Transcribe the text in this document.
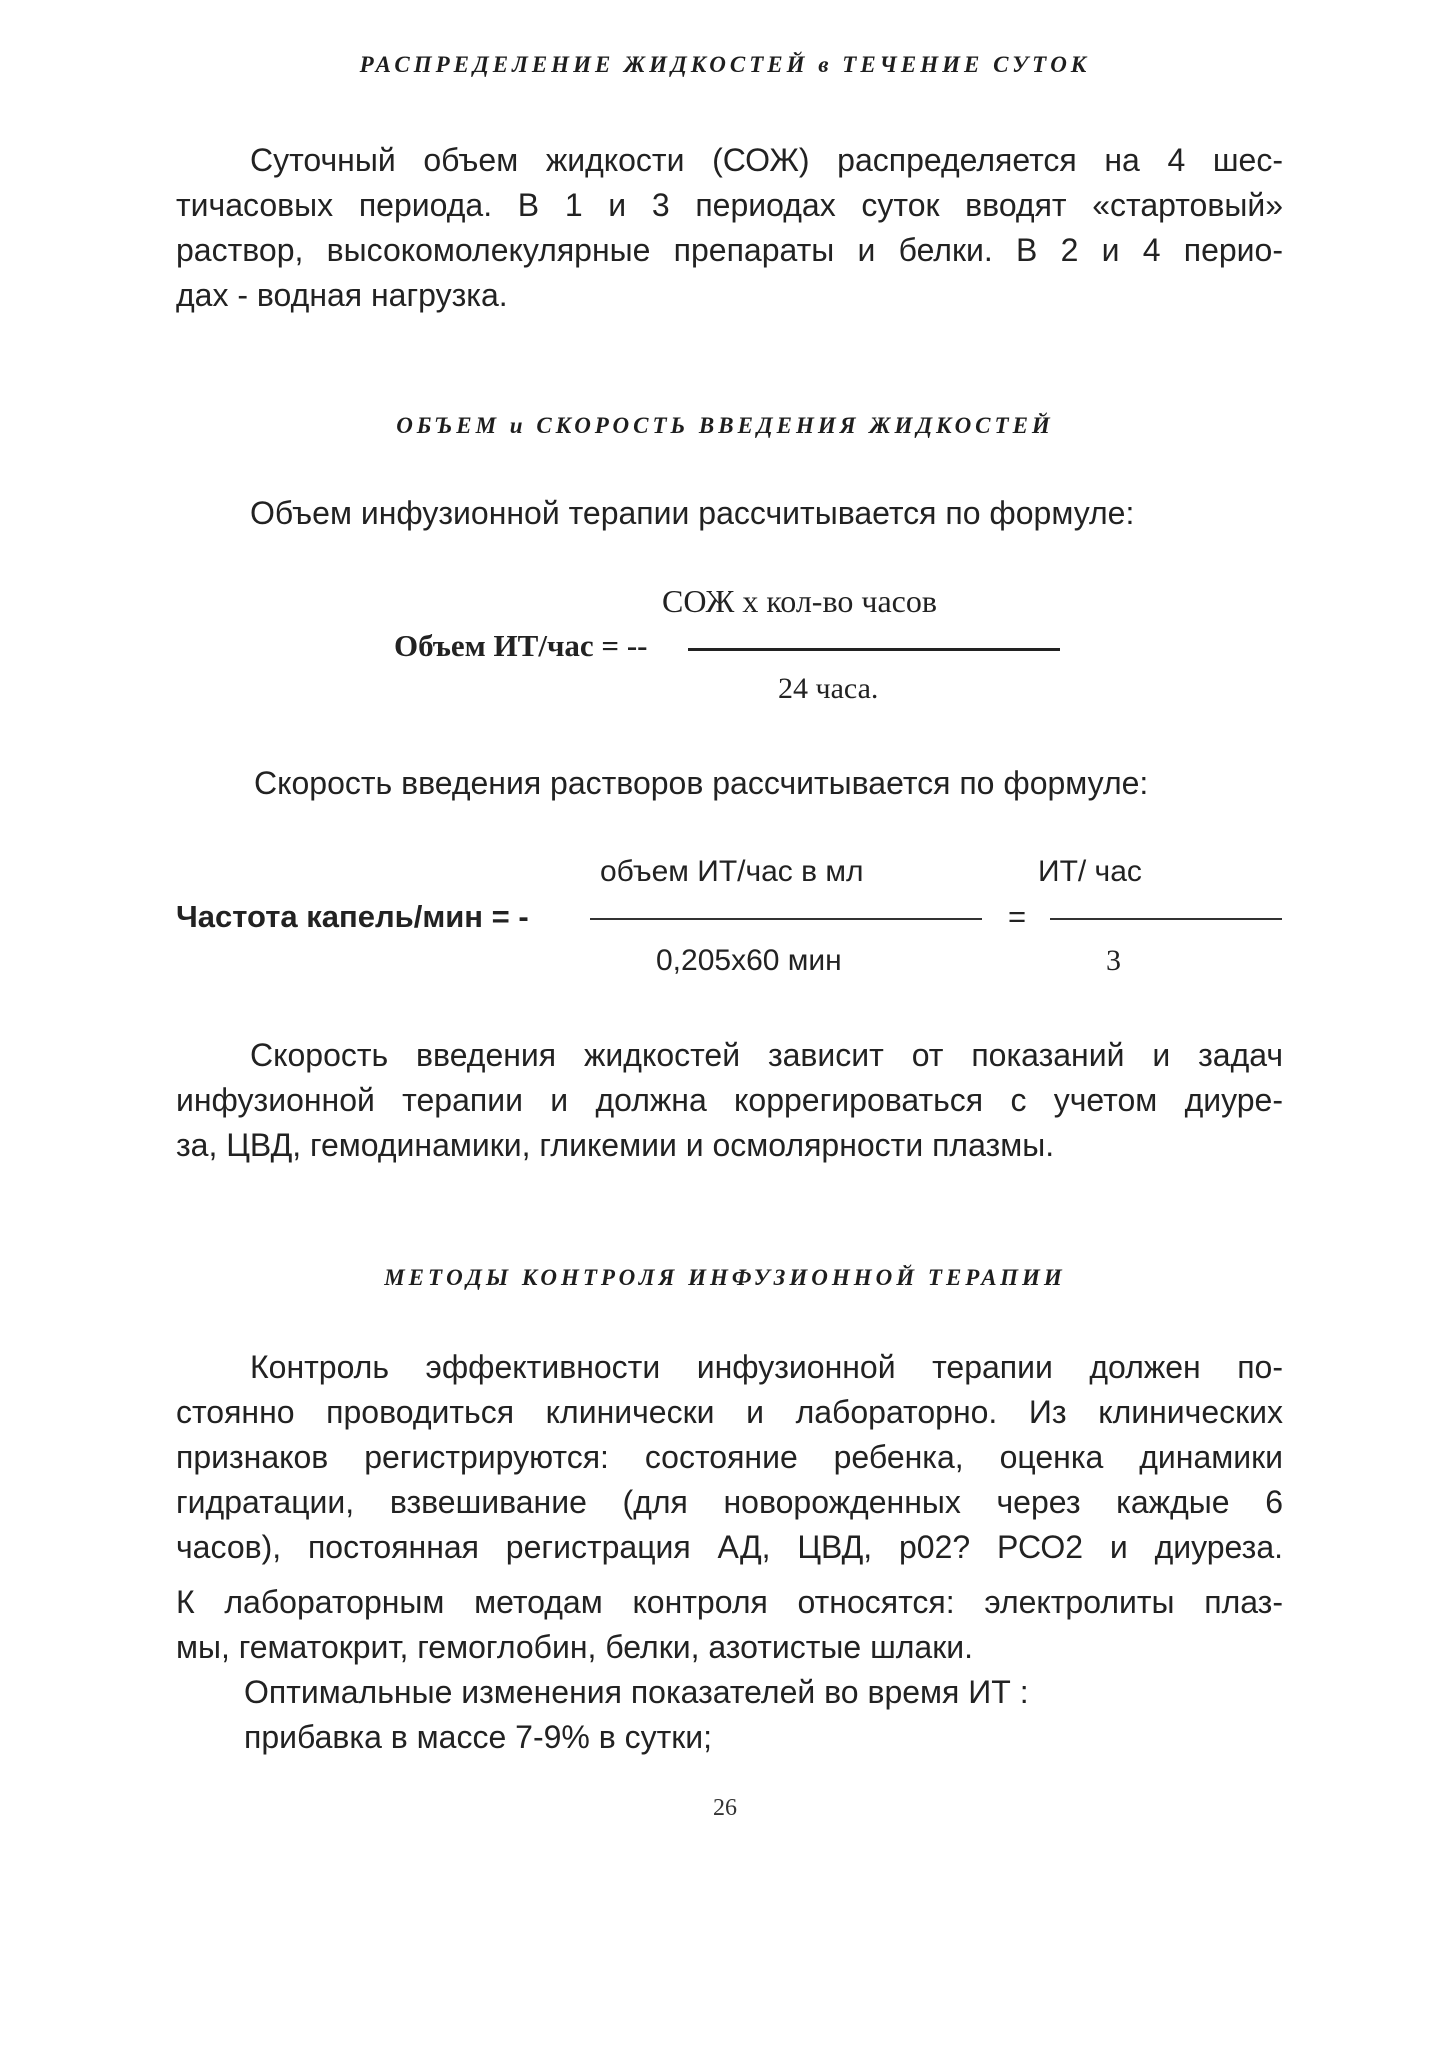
РАСПРЕДЕЛЕНИЕ ЖИДКОСТЕЙ в ТЕЧЕНИЕ СУТОК
Суточный объем жидкости (СОЖ) распределяется на 4 шес-
тичасовых периода. В 1 и 3 периодах суток вводят «стартовый»
раствор, высокомолекулярные препараты и белки. В 2 и 4 перио-
дах - водная нагрузка.
ОБЪЕМ и СКОРОСТЬ ВВЕДЕНИЯ ЖИДКОСТЕЙ
Объем инфузионной терапии рассчитывается по формуле:
СОЖ х кол-во часов
Объем ИТ/час = --
24 часа.
Скорость введения растворов рассчитывается по формуле:
объем ИТ/час в мл	ИТ/ час
Частота капель/мин = -	=
0,205х60 мин	3
Скорость введения жидкостей зависит от показаний и задач
инфузионной терапии и должна коррегироваться с учетом диуре-
за, ЦВД, гемодинамики, гликемии и осмолярности плазмы.
МЕТОДЫ КОНТРОЛЯ ИНФУЗИОННОЙ ТЕРАПИИ
Контроль эффективности инфузионной терапии должен по-
стоянно проводиться клинически и лабораторно. Из клинических
признаков регистрируются: состояние ребенка, оценка динамики
гидратации, взвешивание (для новорожденных через каждые 6
часов), постоянная регистрация АД, ЦВД, р02? РСО2 и диуреза.
К лабораторным методам контроля относятся: электролиты плаз-
мы, гематокрит, гемоглобин, белки, азотистые шлаки.
Оптимальные изменения показателей во время ИТ :
прибавка в массе 7-9% в сутки;
26
